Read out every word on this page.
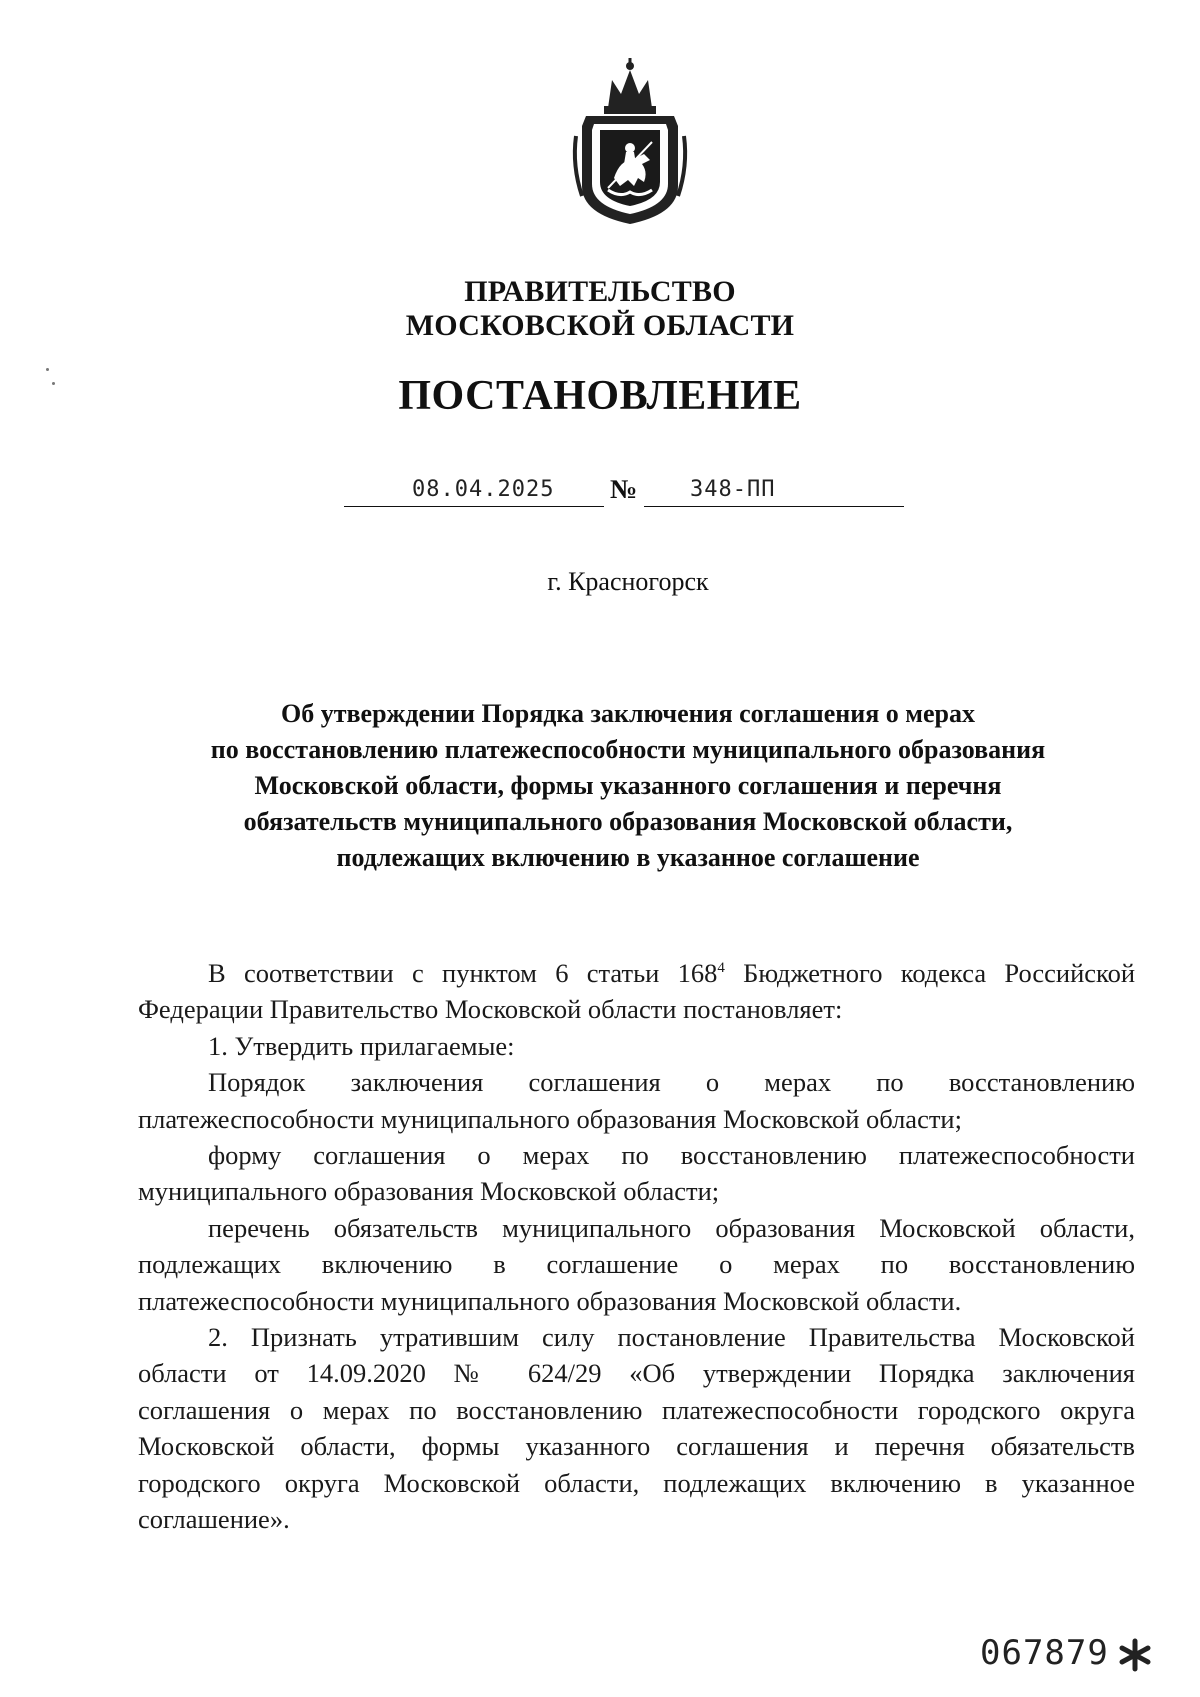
ПРАВИТЕЛЬСТВО
МОСКОВСКОЙ ОБЛАСТИ
ПОСТАНОВЛЕНИЕ
08.04.2025 № 348-ПП
г. Красногорск
Об утверждении Порядка заключения соглашения о мерах
по восстановлению платежеспособности муниципального образования
Московской области, формы указанного соглашения и перечня
обязательств муниципального образования Московской области,
подлежащих включению в указанное соглашение
В соответствии с пунктом 6 статьи $168^4$ Бюджетного кодекса Российской
Федерации Правительство Московской области постановляет:
1. Утвердить прилагаемые:
Порядок заключения соглашения о мерах по восстановлению
платежеспособности муниципального образования Московской области;
форму соглашения о мерах по восстановлению платежеспособности
муниципального образования Московской области;
перечень обязательств муниципального образования Московской области,
подлежащих включению в соглашение о мерах по восстановлению
платежеспособности муниципального образования Московской области.
2. Признать утратившим силу постановление Правительства Московской
области от 14.09.2020 № 624/29 «Об утверждении Порядка заключения
соглашения о мерах по восстановлению платежеспособности городского округа
Московской области, формы указанного соглашения и перечня обязательств
городского округа Московской области, подлежащих включению в указанное
соглашение».
067879
